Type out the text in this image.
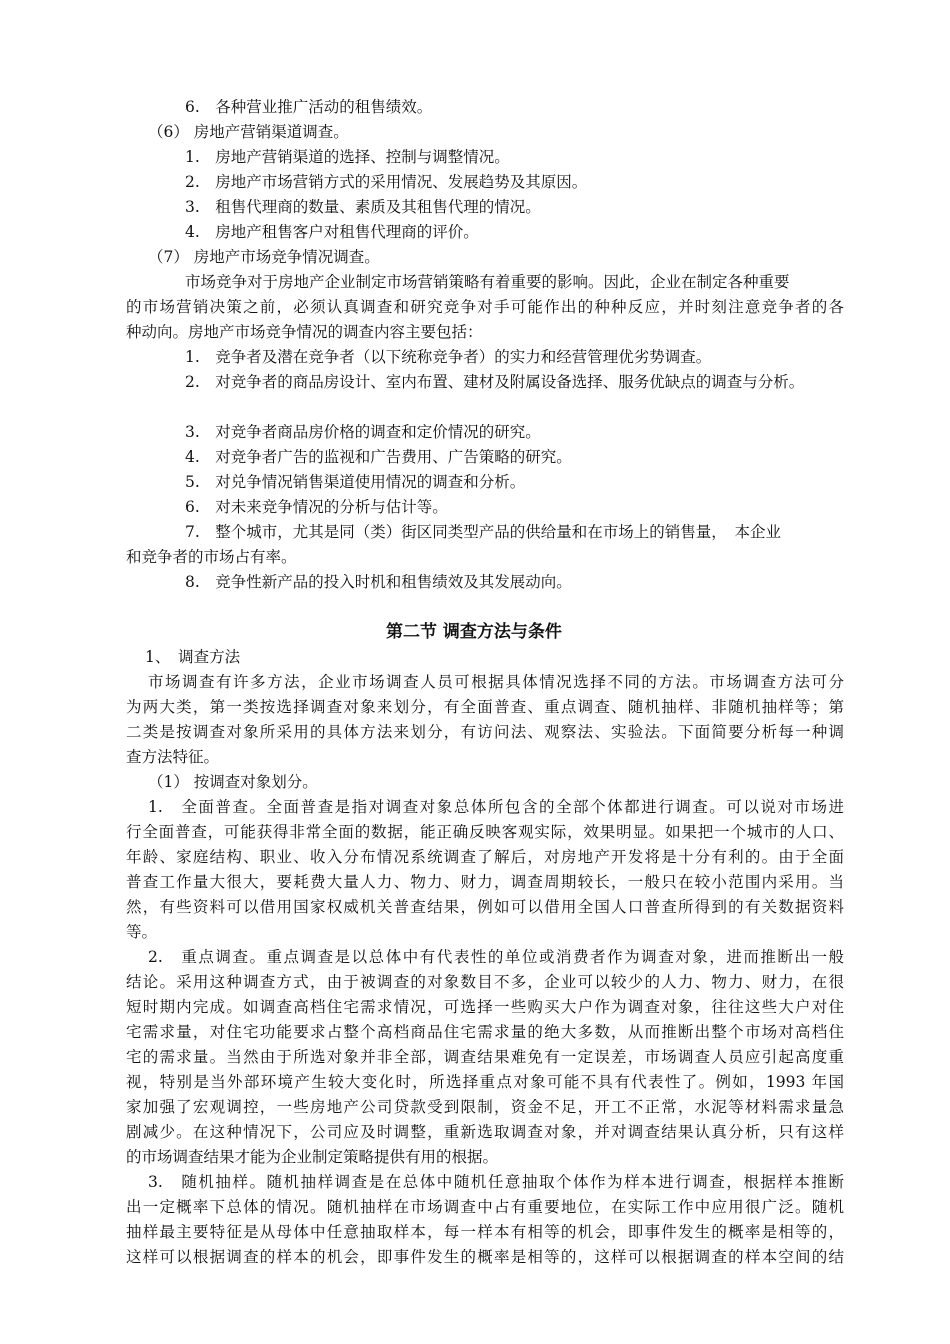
6.　各种营业推广活动的租售绩效。
（6） 房地产营销渠道调查。
1.　房地产营销渠道的选择、控制与调整情况。
2.　房地产市场营销方式的采用情况、发展趋势及其原因。
3.　租售代理商的数量、素质及其租售代理的情况。
4.　房地产租售客户对租售代理商的评价。
（7） 房地产市场竞争情况调查。
市场竞争对于房地产企业制定市场营销策略有着重要的影响。因此，企业在制定各种重要
的市场营销决策之前，必须认真调查和研究竞争对手可能作出的种种反应，并时刻注意竞争者的各
种动向。房地产市场竞争情况的调查内容主要包括：
1.　竞争者及潜在竞争者（以下统称竞争者）的实力和经营管理优劣势调查。
2.　对竞争者的商品房设计、室内布置、建材及附属设备选择、服务优缺点的调查与分析。
3.　对竞争者商品房价格的调查和定价情况的研究。
4.　对竞争者广告的监视和广告费用、广告策略的研究。
5.　对兑争情况销售渠道使用情况的调查和分析。
6.　对未来竞争情况的分析与估计等。
7.　整个城市，尤其是同（类）街区同类型产品的供给量和在市场上的销售量，　本企业
和竞争者的市场占有率。
8.　竞争性新产品的投入时机和租售绩效及其发展动向。
第二节 调查方法与条件
1、　调查方法
市场调查有许多方法，企业市场调查人员可根据具体情况选择不同的方法。市场调查方法可分
为两大类，第一类按选择调查对象来划分，有全面普查、重点调查、随机抽样、非随机抽样等；第
二类是按调查对象所采用的具体方法来划分，有访问法、观察法、实验法。下面简要分析每一种调
查方法特征。
（1） 按调查对象划分。
1.　全面普查。全面普查是指对调查对象总体所包含的全部个体都进行调查。可以说对市场进
行全面普查，可能获得非常全面的数据，能正确反映客观实际，效果明显。如果把一个城市的人口、
年龄、家庭结构、职业、收入分布情况系统调查了解后，对房地产开发将是十分有利的。由于全面
普查工作量大很大，要耗费大量人力、物力、财力，调查周期较长，一般只在较小范围内采用。当
然，有些资料可以借用国家权威机关普查结果，例如可以借用全国人口普查所得到的有关数据资料
等。
2.　重点调查。重点调查是以总体中有代表性的单位或消费者作为调查对象，进而推断出一般
结论。采用这种调查方式，由于被调查的对象数目不多，企业可以较少的人力、物力、财力，在很
短时期内完成。如调查高档住宅需求情况，可选择一些购买大户作为调查对象，往往这些大户对住
宅需求量，对住宅功能要求占整个高档商品住宅需求量的绝大多数，从而推断出整个市场对高档住
宅的需求量。当然由于所选对象并非全部，调查结果难免有一定误差，市场调查人员应引起高度重
视，特别是当外部环境产生较大变化时，所选择重点对象可能不具有代表性了。例如，1993 年国
家加强了宏观调控，一些房地产公司贷款受到限制，资金不足，开工不正常，水泥等材料需求量急
剧减少。在这种情况下，公司应及时调整，重新选取调查对象，并对调查结果认真分析，只有这样
的市场调查结果才能为企业制定策略提供有用的根据。
3.　随机抽样。随机抽样调查是在总体中随机任意抽取个体作为样本进行调查，根据样本推断
出一定概率下总体的情况。随机抽样在市场调查中占有重要地位，在实际工作中应用很广泛。随机
抽样最主要特征是从母体中任意抽取样本，每一样本有相等的机会，即事件发生的概率是相等的，
这样可以根据调查的样本的机会，即事件发生的概率是相等的，这样可以根据调查的样本空间的结
